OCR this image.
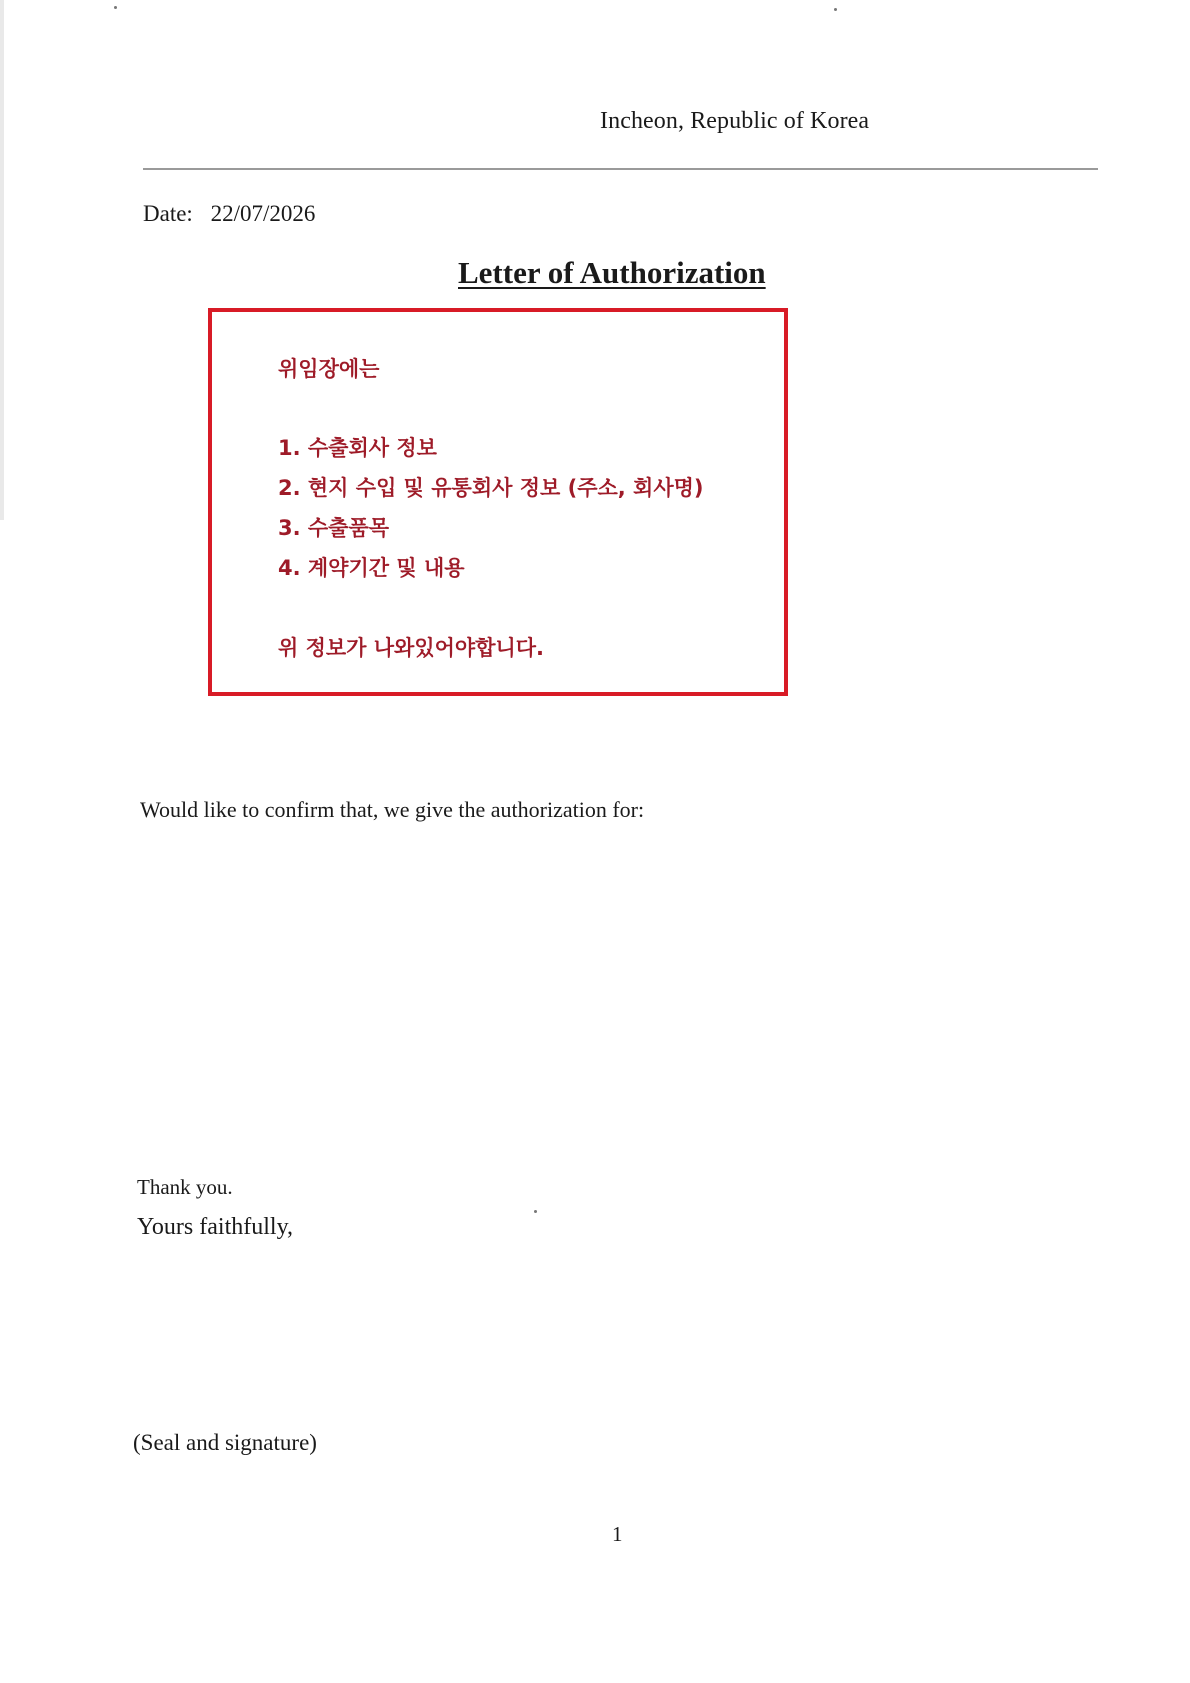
Incheon, Republic of Korea
Date: 22/07/2026
Letter of Authorization
위임장에는
1. 수출회사 정보
2. 현지 수입 및 유통회사 정보 (주소, 회사명)
3. 수출품목
4. 계약기간 및 내용
위 정보가 나와있어야합니다.
Would like to confirm that, we give the authorization for:
Thank you.
Yours faithfully,
(Seal and signature)
1
